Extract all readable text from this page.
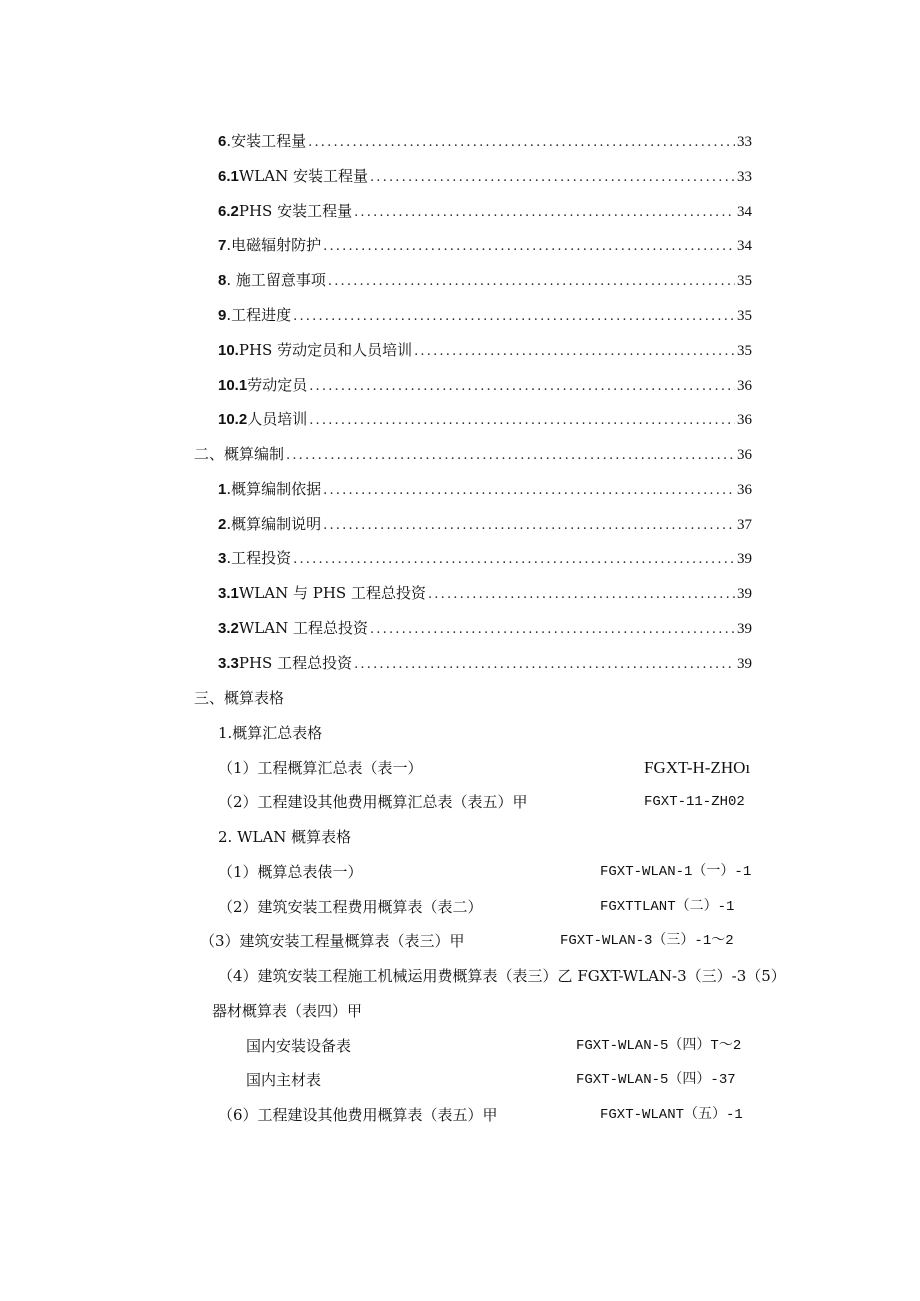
6 .安装工程量 .....	33
6.1 WLAN 安装工程量 .....	33
6.2 PHS 安装工程量 .....	34
7 .电磁辐射防护 .....	34
8 . 施工留意事项 .....	35
9 .工程进度 .....	35
10. PHS 劳动定员和人员培训 .....	35
10.1 劳动定员 .....	36
10.2 人员培训 .....	36
二、概算编制 .....	36
1 .概算编制依据 .....	36
2 .概算编制说明 .....	37
3 .工程投资 .....	39
3.1 WLAN 与 PHS 工程总投资 .....	39
3.2 WLAN 工程总投资 .....	39
3.3 PHS 工程总投资 .....	39
三、概算表格
1.概算汇总表格
（1）工程概算汇总表（表一）	FGXT-H-ZHOı
（2）工程建设其他费用概算汇总表（表五）甲	FGXT-11-ZH02
2. WLAN 概算表格
（1）概算总表俵一）	FGXT-WLAN-1（一）-1
（2）建筑安装工程费用概算表（表二）	FGXTTLANT（二）-1
（3）建筑安装工程量概算表（表三）甲	FGXT-WLAN-3（三）-1～2
（4）建筑安装工程施工机械运用费概算表（表三）乙 FGXT-WLAN-3（三）-3（5）
器材概算表（表四）甲
国内安装设备表	FGXT-WLAN-5（四）T～2
国内主材表	FGXT-WLAN-5（四）-37
（6）工程建设其他费用概算表（表五）甲	FGXT-WLANT（五）-1
